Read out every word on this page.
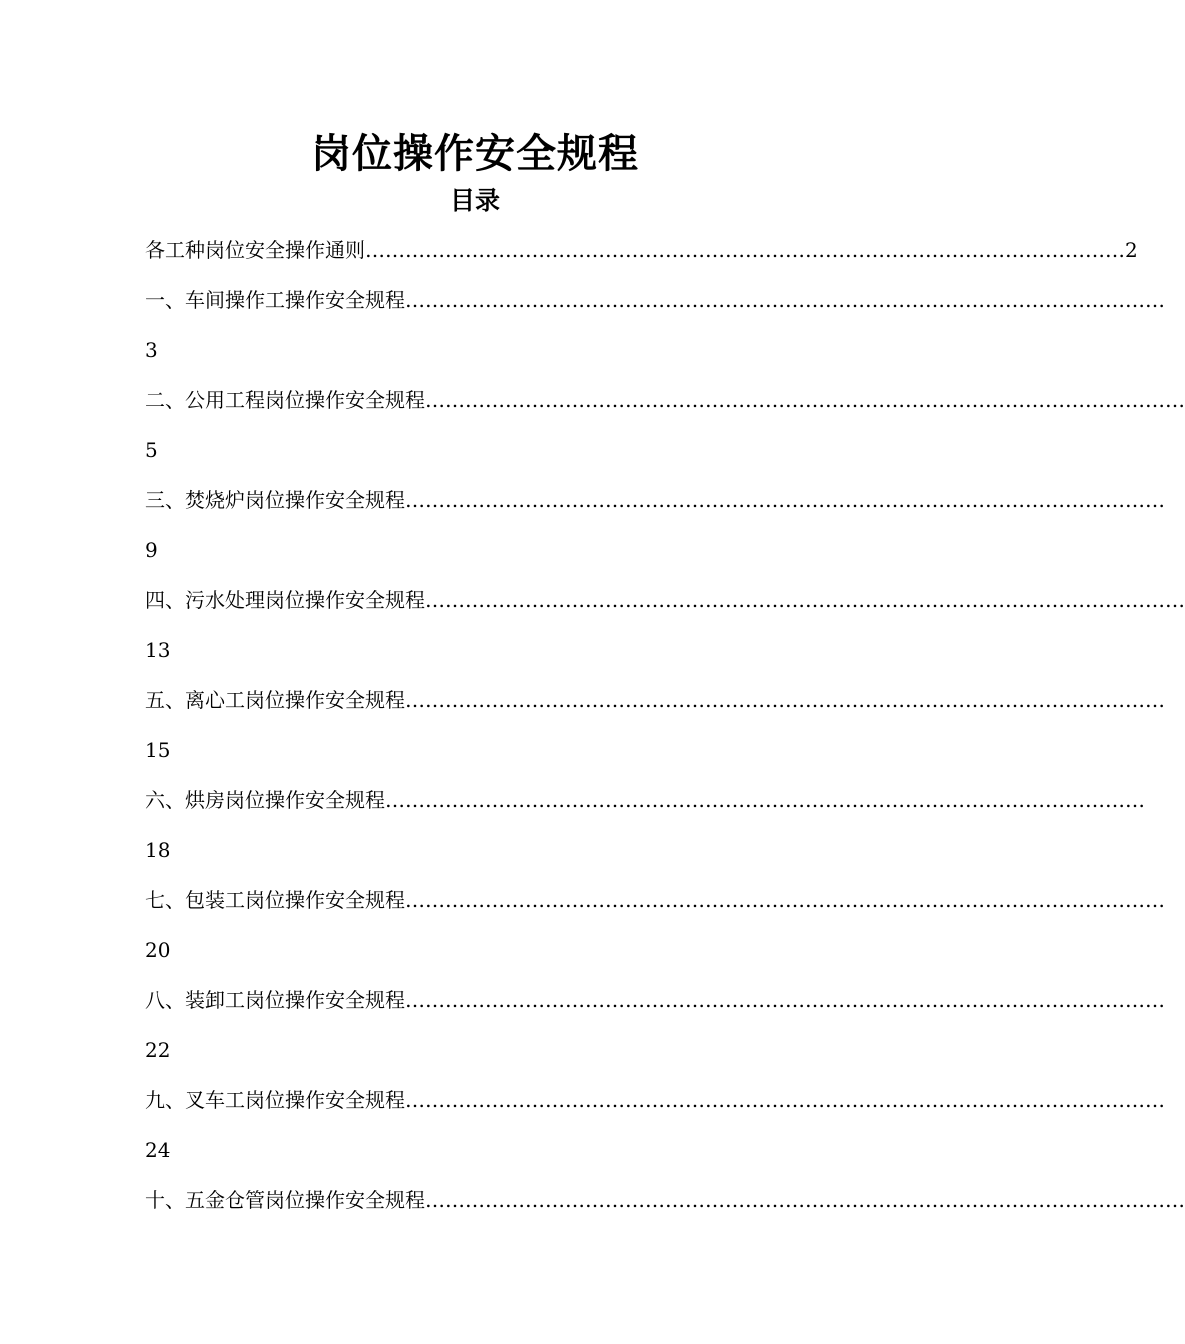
岗位操作安全规程
目录
各工种岗位安全操作通则 …………………………………………………………………………………………………… 2
一、车间操作工操作安全规程 ……………………………………………………………………………………………………
3
二、公用工程岗位操作安全规程 ……………………………………………………………………………………………………
5
三、焚烧炉岗位操作安全规程 ……………………………………………………………………………………………………
9
四、污水处理岗位操作安全规程 ……………………………………………………………………………………………………
13
五、离心工岗位操作安全规程 ……………………………………………………………………………………………………
15
六、烘房岗位操作安全规程 ……………………………………………………………………………………………………
18
七、包装工岗位操作安全规程 ……………………………………………………………………………………………………
20
八、装卸工岗位操作安全规程 ……………………………………………………………………………………………………
22
九、叉车工岗位操作安全规程 ……………………………………………………………………………………………………
24
十、五金仓管岗位操作安全规程 ……………………………………………………………………………………………………
